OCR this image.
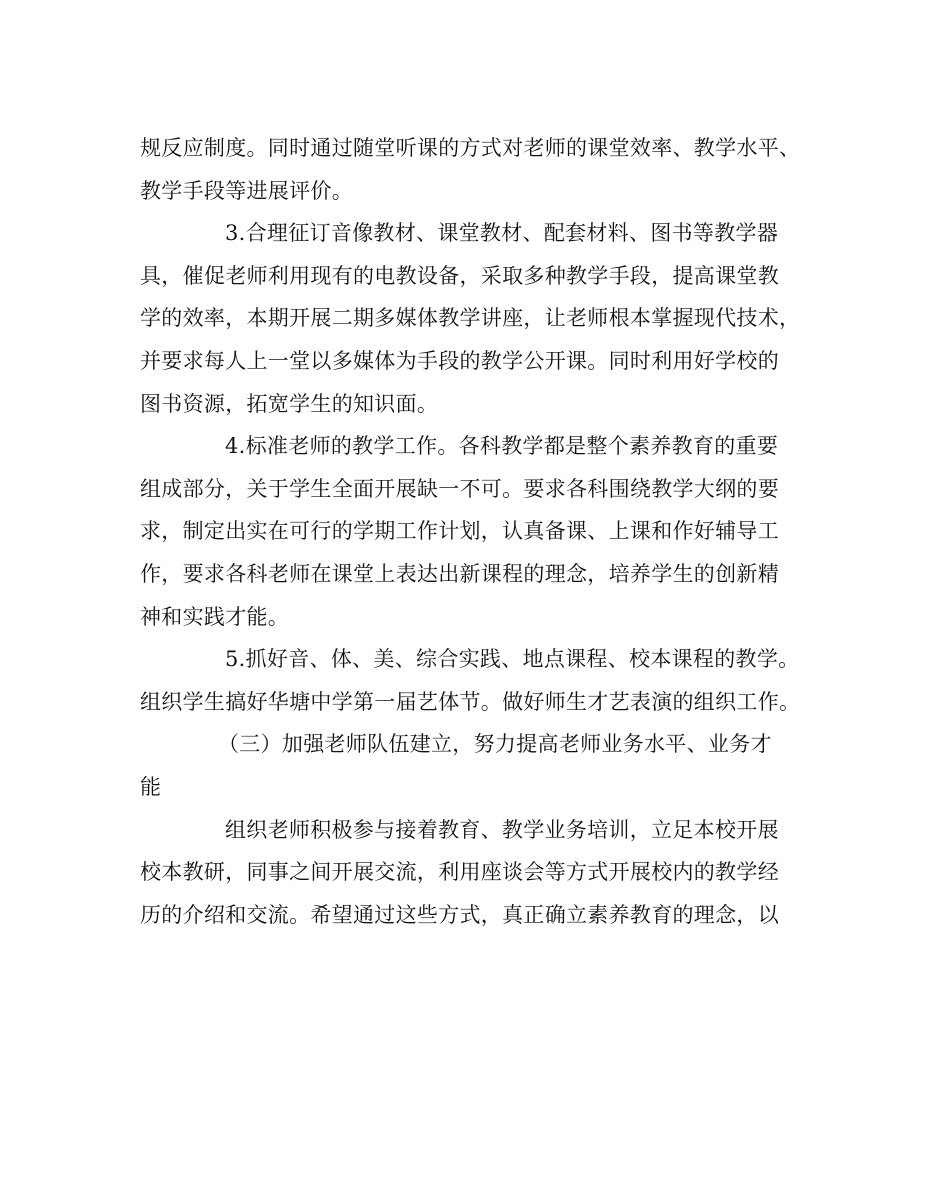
规反应制度。同时通过随堂听课的方式对老师的课堂效率、教学水平、
教学手段等进展评价。
3.合理征订音像教材、课堂教材、配套材料、图书等教学器
具，催促老师利用现有的电教设备，采取多种教学手段，提高课堂教
学的效率，本期开展二期多媒体教学讲座，让老师根本掌握现代技术，
并要求每人上一堂以多媒体为手段的教学公开课。同时利用好学校的
图书资源，拓宽学生的知识面。
4.标准老师的教学工作。各科教学都是整个素养教育的重要
组成部分，关于学生全面开展缺一不可。要求各科围绕教学大纲的要
求，制定出实在可行的学期工作计划，认真备课、上课和作好辅导工
作，要求各科老师在课堂上表达出新课程的理念，培养学生的创新精
神和实践才能。
5.抓好音、体、美、综合实践、地点课程、校本课程的教学。
组织学生搞好华塘中学第一届艺体节。做好师生才艺表演的组织工作。
（三）加强老师队伍建立，努力提高老师业务水平、业务才
能
组织老师积极参与接着教育、教学业务培训，立足本校开展
校本教研，同事之间开展交流，利用座谈会等方式开展校内的教学经
历的介绍和交流。希望通过这些方式，真正确立素养教育的理念，以
